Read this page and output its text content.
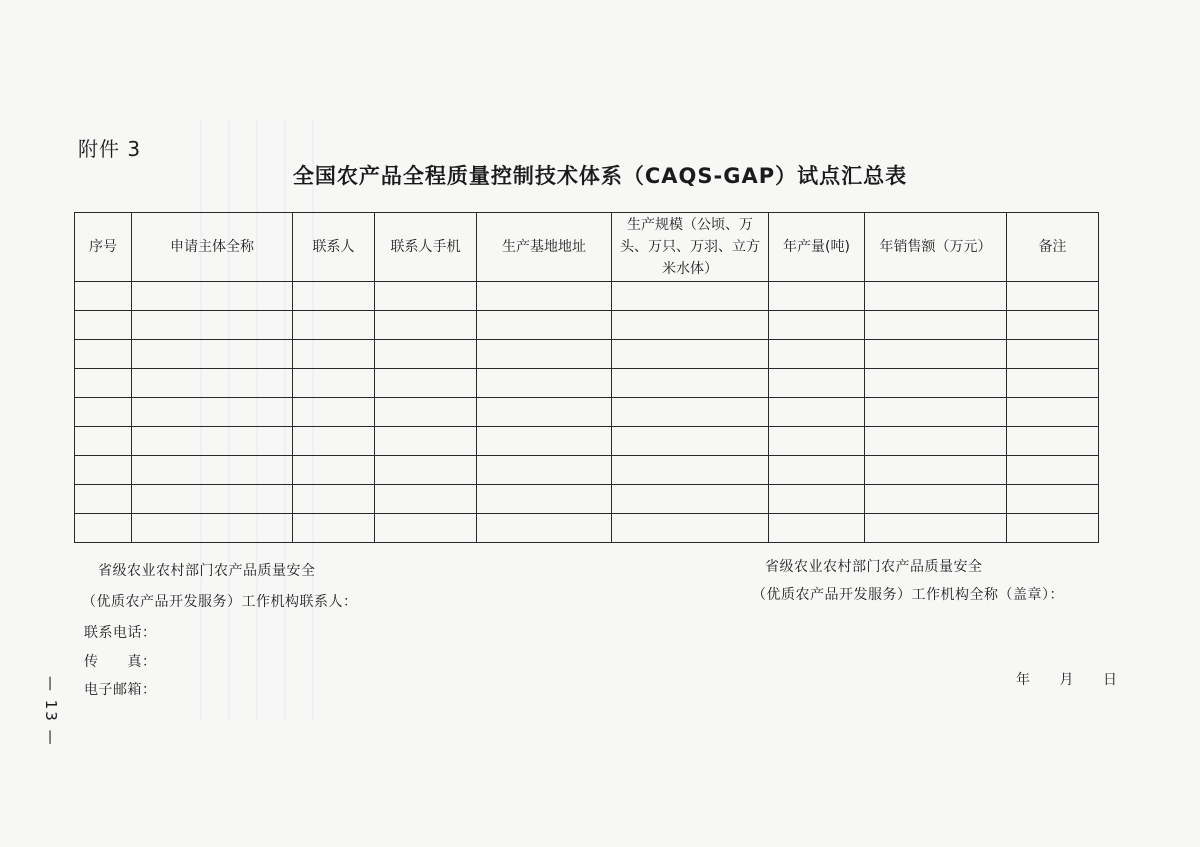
附件 3
全国农产品全程质量控制技术体系（CAQS-GAP）试点汇总表
序号	申请主体全称	联系人	联系人手机	生产基地地址	生产规模（公顷、万头、万只、万羽、立方米水体）	年产量(吨)	年销售额（万元）	备注

省级农业农村部门农产品质量安全
（优质农产品开发服务）工作机构联系人：
联系电话：
传　　真：
电子邮箱：
省级农业农村部门农产品质量安全
（优质农产品开发服务）工作机构全称（盖章）：
年　　月　　日
— 13 —
